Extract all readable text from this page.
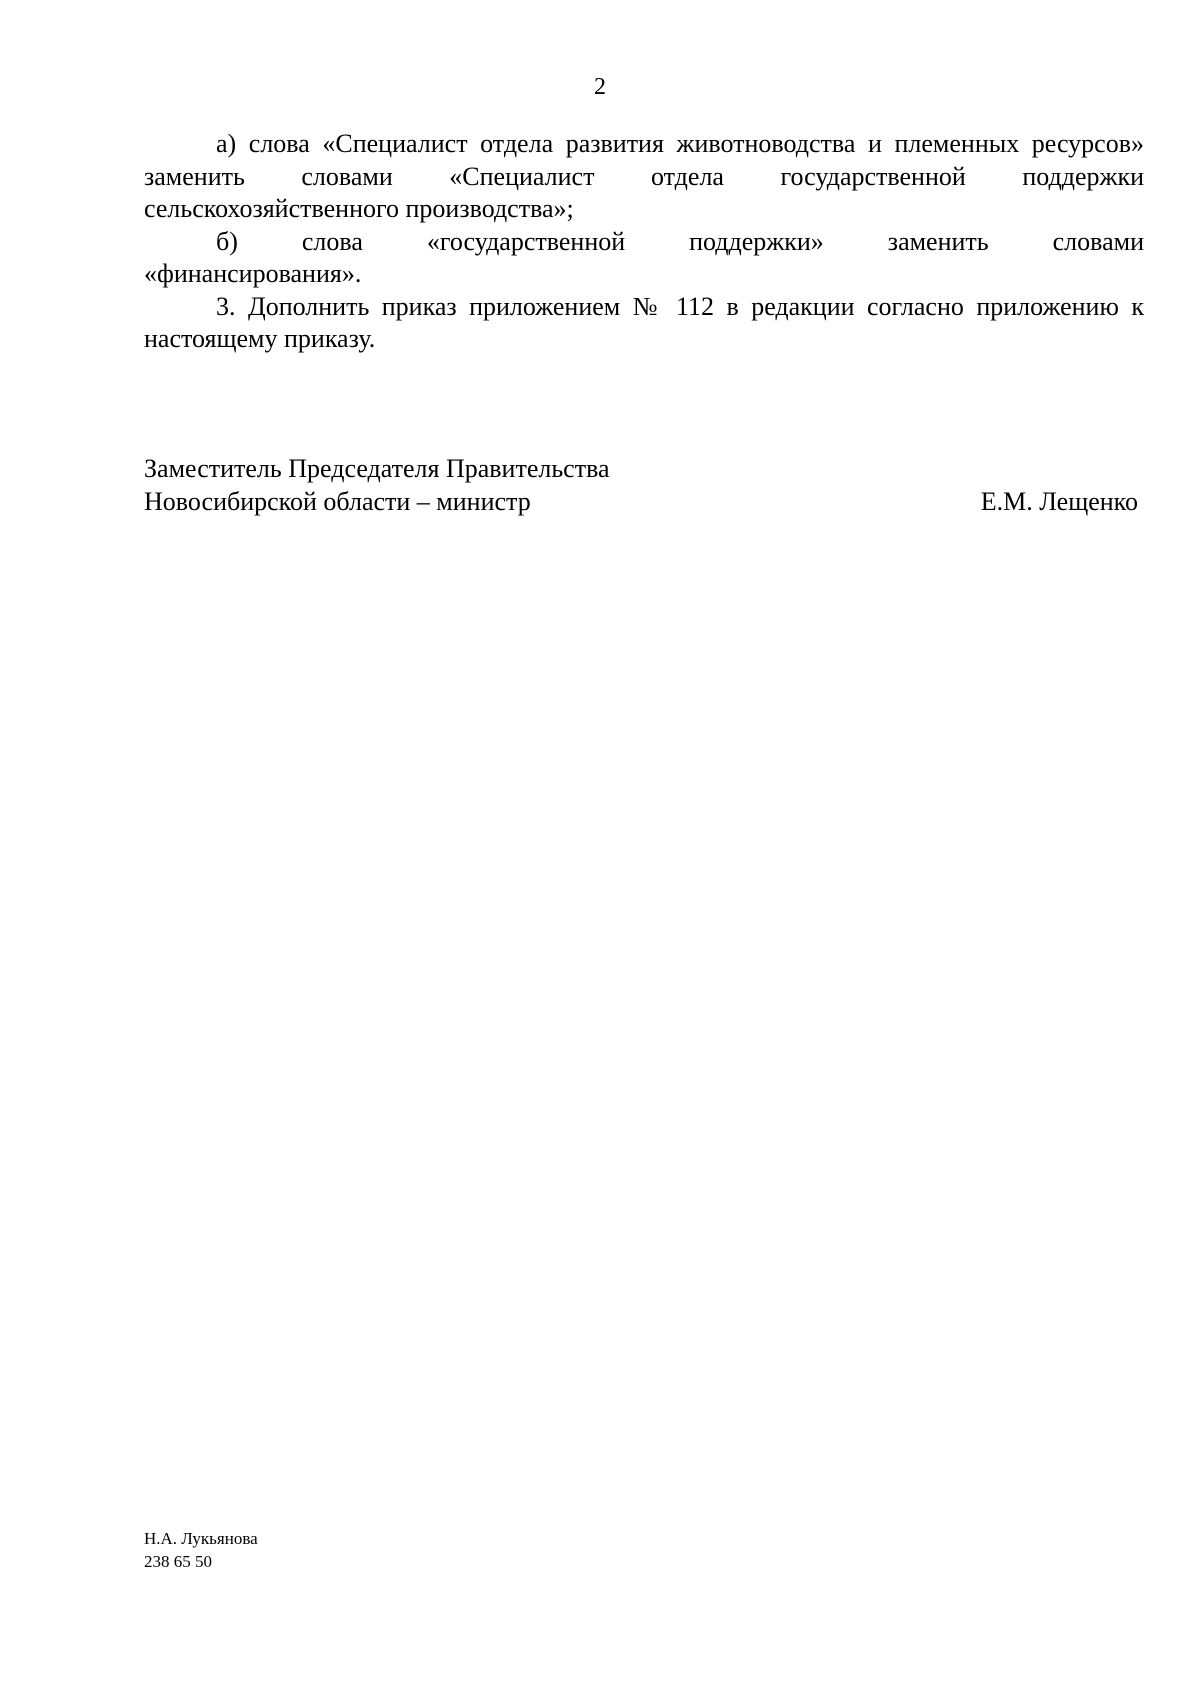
2

а) слова «Специалист отдела развития животноводства и племенных ресурсов» заменить словами «Специалист отдела государственной поддержки сельскохозяйственного производства»;

б) слова «государственной поддержки» заменить словами

«финансирования».

3. Дополнить приказ приложением № 112 в редакции согласно приложению к настоящему приказу.

Заместитель Председателя Правительства
Новосибирской области – министр	Е.М. Лещенко
Н.А. Лукьянова
238 65 50
